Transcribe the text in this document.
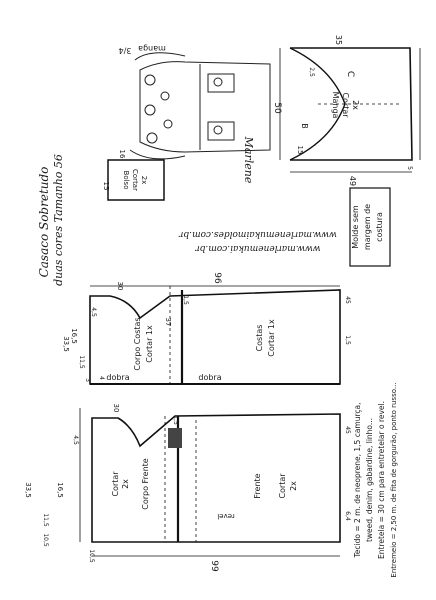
Manga Cortar 2x
C
B
35
50
49
2,5
15
5
manga
3/4
Marlene
Casaco Sobretudo duas cores Tamanho 56	Bolso Cortar 2x
16
15
www.marlenemukai.com.br
www.marlenemukaimoldes.com.br Molde sem margem de costura
Corpo Costas Cortar 1x	Costas Cortar 1x
dobra	dobra
96
30
1,5
37
16,5
33,5
11,5
4,5
4
3
45
1,5
Corpo Frente
Cortar 2x	Frente Cortar 2x
revel
33,5
30
16,5
11,5
4,5
10,5
1,5
99
45
6,4
10,5	Tecido = 2 m. de neoprene, 1,5 camurça, tweed, denim, gabardine, linho... Entretela = 30 cm para entretelar o revel. Entremeio = 2,50 m. de fita de gorgurão, ponto russo...
